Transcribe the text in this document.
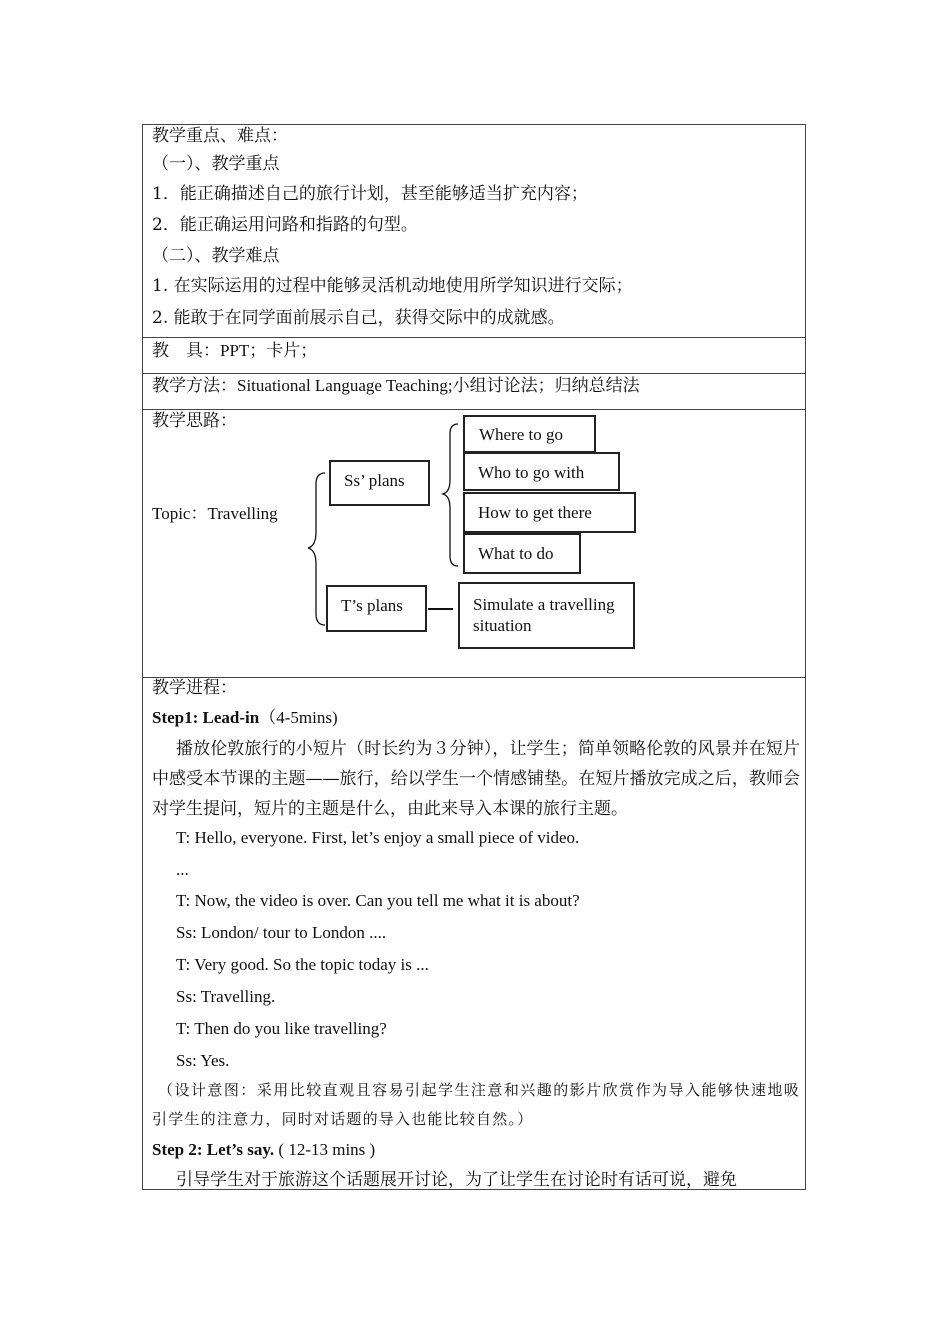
教学重点、难点：
（一）、教学重点
1．能正确描述自己的旅行计划，甚至能够适当扩充内容；
2．能正确运用问路和指路的句型。
（二）、教学难点
1. 在实际运用的过程中能够灵活机动地使用所学知识进行交际；
2. 能敢于在同学面前展示自己，获得交际中的成就感。
教　具：PPT；卡片；
教学方法：Situational Language Teaching;小组讨论法；归纳总结法
教学思路：
Topic：Travelling
Ss’ plans
Where to go
Who to go with
How to get there
What to do
T’s plans	Simulate a travelling situation
教学进程：
Step1: Lead-in（4-5mins)
播放伦敦旅行的小短片（时长约为３分钟），让学生；简单领略伦敦的风景并在短片中感受本节课的主题——旅行，给以学生一个情感铺垫。在短片播放完成之后，教师会对学生提问，短片的主题是什么，由此来导入本课的旅行主题。
T: Hello, everyone. First, let’s enjoy a small piece of video.
...
T: Now, the video is over. Can you tell me what it is about?
Ss: London/ tour to London ....
T: Very good. So the topic today is ...
Ss: Travelling.
T: Then do you like travelling?
Ss: Yes.
（设计意图：采用比较直观且容易引起学生注意和兴趣的影片欣赏作为导入能够快速地吸引学生的注意力，同时对话题的导入也能比较自然。）
Step 2: Let’s say. ( 12-13 mins )
引导学生对于旅游这个话题展开讨论，为了让学生在讨论时有话可说，避免
